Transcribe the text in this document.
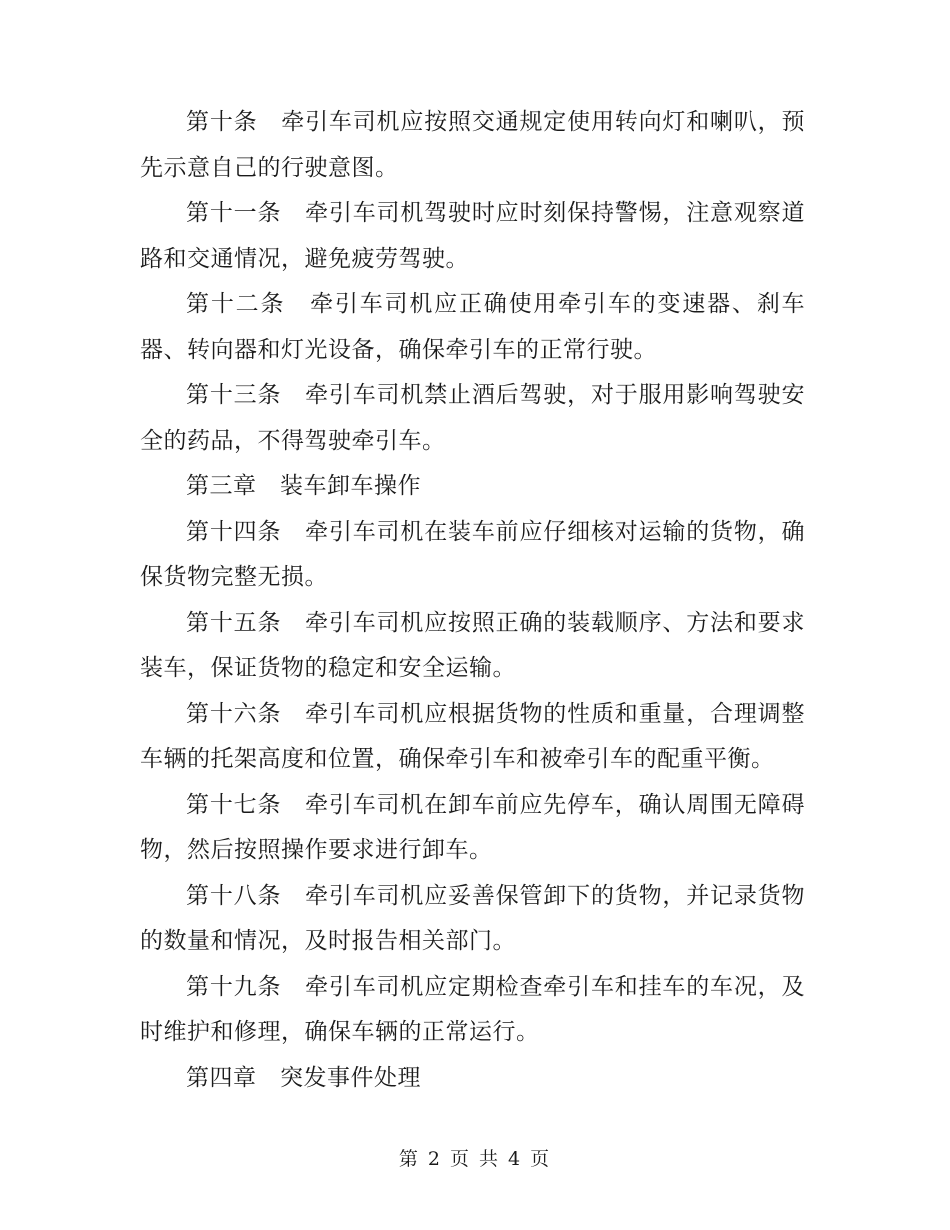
第十条　牵引车司机应按照交通规定使用转向灯和喇叭，预先示意自己的行驶意图。

第十一条　牵引车司机驾驶时应时刻保持警惕，注意观察道路和交通情况，避免疲劳驾驶。

第十二条　牵引车司机应正确使用牵引车的变速器、刹车器、转向器和灯光设备，确保牵引车的正常行驶。

第十三条　牵引车司机禁止酒后驾驶，对于服用影响驾驶安全的药品，不得驾驶牵引车。

第三章　装车卸车操作

第十四条　牵引车司机在装车前应仔细核对运输的货物，确保货物完整无损。

第十五条　牵引车司机应按照正确的装载顺序、方法和要求装车，保证货物的稳定和安全运输。

第十六条　牵引车司机应根据货物的性质和重量，合理调整车辆的托架高度和位置，确保牵引车和被牵引车的配重平衡。

第十七条　牵引车司机在卸车前应先停车，确认周围无障碍物，然后按照操作要求进行卸车。

第十八条　牵引车司机应妥善保管卸下的货物，并记录货物的数量和情况，及时报告相关部门。

第十九条　牵引车司机应定期检查牵引车和挂车的车况，及时维护和修理，确保车辆的正常运行。

第四章　突发事件处理

第 2 页 共 4 页
